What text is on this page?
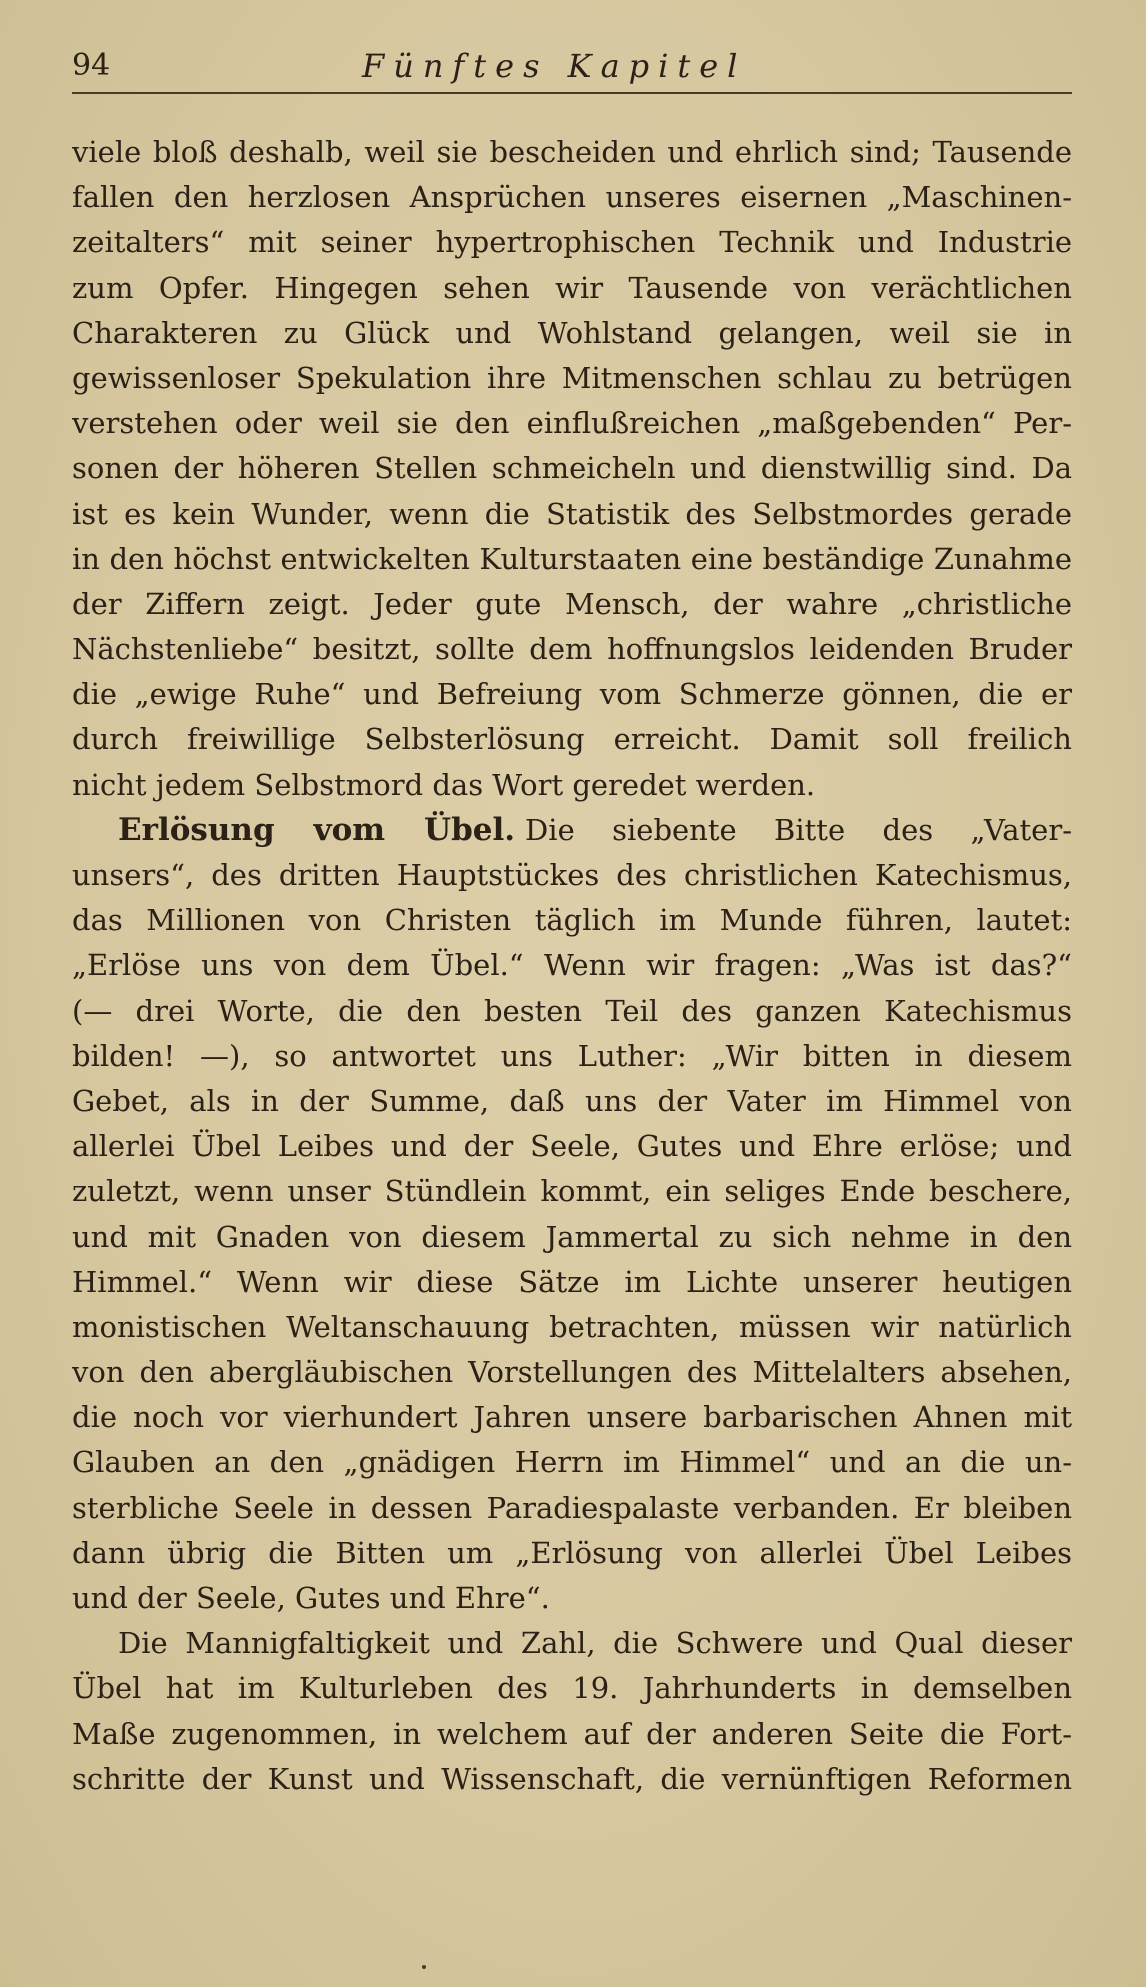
94	Fünftes Kapitel
viele bloß deshalb, weil sie bescheiden und ehrlich sind; Tausende
fallen den herzlosen Ansprüchen unseres eisernen „Maschinen-
zeitalters“ mit seiner hypertrophischen Technik und Industrie
zum Opfer. Hingegen sehen wir Tausende von verächtlichen
Charakteren zu Glück und Wohlstand gelangen, weil sie in
gewissenloser Spekulation ihre Mitmenschen schlau zu betrügen
verstehen oder weil sie den einflußreichen „maßgebenden“ Per-
sonen der höheren Stellen schmeicheln und dienstwillig sind. Da
ist es kein Wunder, wenn die Statistik des Selbstmordes gerade
in den höchst entwickelten Kulturstaaten eine beständige Zunahme
der Ziffern zeigt. Jeder gute Mensch, der wahre „christliche
Nächstenliebe“ besitzt, sollte dem hoffnungslos leidenden Bruder
die „ewige Ruhe“ und Befreiung vom Schmerze gönnen, die er
durch freiwillige Selbsterlösung erreicht. Damit soll freilich
nicht jedem Selbstmord das Wort geredet werden.
Erlösung vom Übel. Die siebente Bitte des „Vater-
unsers“, des dritten Hauptstückes des christlichen Katechismus,
das Millionen von Christen täglich im Munde führen, lautet:
„Erlöse uns von dem Übel.“ Wenn wir fragen: „Was ist das?“
(— drei Worte, die den besten Teil des ganzen Katechismus
bilden! —), so antwortet uns Luther: „Wir bitten in diesem
Gebet, als in der Summe, daß uns der Vater im Himmel von
allerlei Übel Leibes und der Seele, Gutes und Ehre erlöse; und
zuletzt, wenn unser Stündlein kommt, ein seliges Ende beschere,
und mit Gnaden von diesem Jammertal zu sich nehme in den
Himmel.“ Wenn wir diese Sätze im Lichte unserer heutigen
monistischen Weltanschauung betrachten, müssen wir natürlich
von den abergläubischen Vorstellungen des Mittelalters absehen,
die noch vor vierhundert Jahren unsere barbarischen Ahnen mit
Glauben an den „gnädigen Herrn im Himmel“ und an die un-
sterbliche Seele in dessen Paradiespalaste verbanden. Er bleiben
dann übrig die Bitten um „Erlösung von allerlei Übel Leibes
und der Seele, Gutes und Ehre“.
Die Mannigfaltigkeit und Zahl, die Schwere und Qual dieser
Übel hat im Kulturleben des 19. Jahrhunderts in demselben
Maße zugenommen, in welchem auf der anderen Seite die Fort-
schritte der Kunst und Wissenschaft, die vernünftigen Reformen
